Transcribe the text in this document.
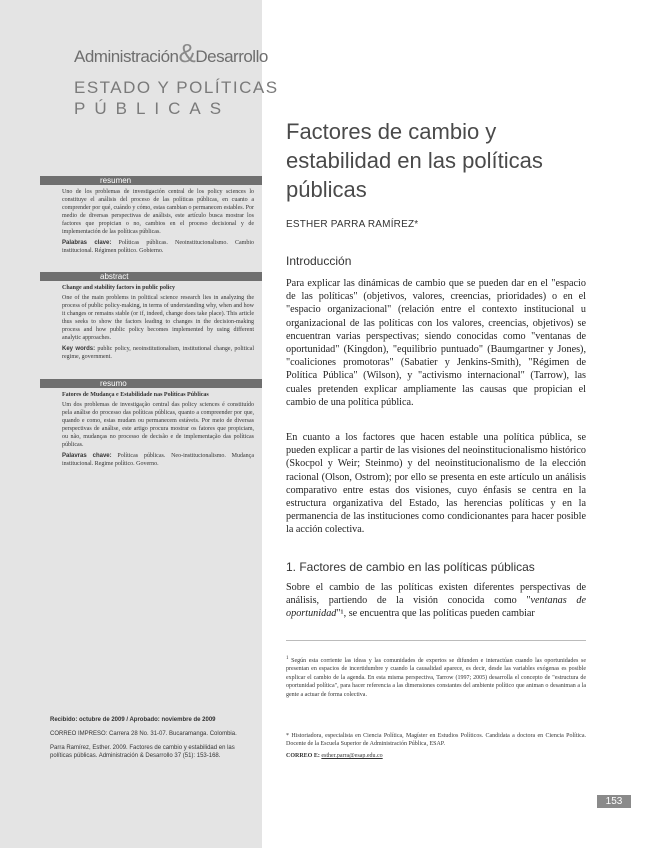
Administración&Desarrollo
ESTADO Y POLÍTICAS
PÚBLICAS
resumen

Uno de los problemas de investigación central de los policy sciences lo constituye el análisis del proceso de las políticas públicas, en cuanto a comprender por qué, cuándo y cómo, estas cambian o permanecen estables. Por medio de diversas perspectivas de análisis, este artículo busca mostrar los factores que propician o no, cambios en el proceso decisional y de implementación de las políticas públicas.

Palabras clave: Políticas públicas. Neoinstitucionalismo. Cambio institucional. Régimen político. Gobierno.

abstract

Change and stability factors in public policy

One of the main problems in political science research lies in analyzing the process of public policy-making, in terms of understanding why, when and how it changes or remains stable (or if, indeed, change does take place). This article thus seeks to show the factors leading to changes in the decision-making process and how public policy becomes implemented by using different analytic approaches.

Key words: public policy, neoinstitutionalism, institutional change, political regime, government.

resumo

Fatores de Mudança e Estabilidade nas Políticas Públicas

Um dos problemas de investigação central das policy sciences é constituído pela análise do processo das políticas públicas, quanto a compreender por que, quando e como, estas mudam ou permanecem estáveis. Por meio de diversas perspectivas de análise, este artigo procura mostrar os fatores que propiciam, ou não, mudanças no processo de decisão e de implementação das políticas públicas.

Palavras chave: Políticas públicas. Neo-institucionalismo. Mudança institucional. Regime político. Governo.

Recibido: octubre de 2009 / Aprobado: noviembre de 2009

CORREO IMPRESO: Carrera 28 No. 31-07. Bucaramanga. Colombia.

Parra Ramírez, Esther. 2009. Factores de cambio y estabilidad en las políticas públicas. Administración & Desarrollo 37 (51): 153-168.

Factores de cambio y estabilidad en las políticas públicas
ESTHER PARRA RAMÍREZ*
Introducción

Para explicar las dinámicas de cambio que se pueden dar en el "espacio de las políticas" (objetivos, valores, creencias, prioridades) o en el "espacio organizacional" (relación entre el contexto institucional u organizacional de las políticas con los valores, creencias, objetivos) se encuentran varias perspectivas; siendo conocidas como "ventanas de oportunidad" (Kingdon), "equilibrio puntuado" (Baumgartner y Jones), "coaliciones promotoras" (Sabatier y Jenkins-Smith), "Régimen de Política Pública" (Wilson), y "activismo internacional" (Tarrow), las cuales pretenden explicar ampliamente las causas que propician el cambio de una política pública.

En cuanto a los factores que hacen estable una política pública, se pueden explicar a partir de las visiones del neoinstitucionalismo histórico (Skocpol y Weir; Steinmo) y del neoinstitucionalismo de la elección racional (Olson, Ostrom); por ello se presenta en este artículo un análisis comparativo entre estas dos visiones, cuyo énfasis se centra en la estructura organizativa del Estado, las herencias políticas y en la permanencia de las instituciones como condicionantes para hacer posible la acción colectiva.

1. Factores de cambio en las políticas públicas

Sobre el cambio de las políticas existen diferentes perspectivas de análisis, partiendo de la visión conocida como "ventanas de oportunidad"¹, se encuentra que las políticas pueden cambiar

$^1$ Según esta corriente las ideas y las comunidades de expertos se difunden e interactúan cuando las oportunidades se presentan en espacios de incertidumbre y cuando la causalidad aparece, es decir, desde las variables exógenas es posible explicar el cambio de la agenda. En esta misma perspectiva, Tarrow (1997; 2005) desarrolla el concepto de "estructura de oportunidad política", para hacer referencia a las dimensiones constantes del ambiente político que animan o desaniman a la gente a actuar de forma colectiva.

* Historiadora, especialista en Ciencia Política, Magíster en Estudios Políticos. Candidata a doctora en Ciencia Política. Docente de la Escuela Superior de Administración Pública, ESAP.

CORREO E: esther.parra@esap.edu.co

153
